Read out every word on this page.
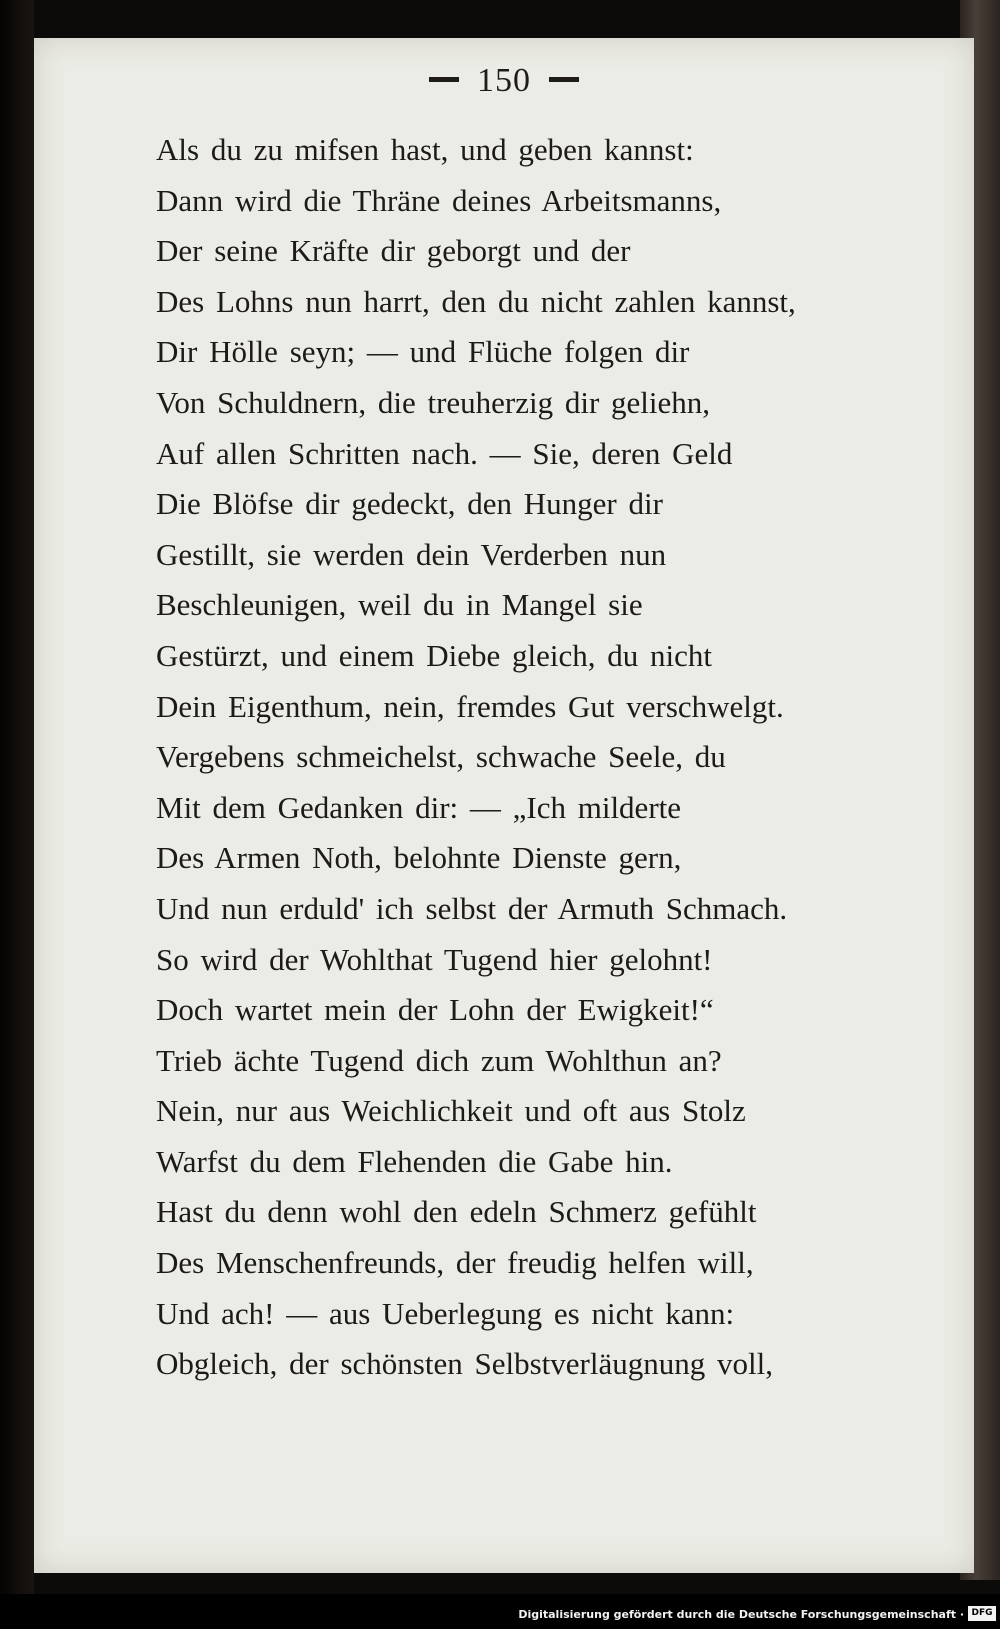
150
Als du zu mifsen hast, und geben kannst:
Dann wird die Thräne deines Arbeitsmanns,
Der seine Kräfte dir geborgt und der
Des Lohns nun harrt, den du nicht zahlen kannst,
Dir Hölle seyn; — und Flüche folgen dir
Von Schuldnern, die treuherzig dir geliehn,
Auf allen Schritten nach. — Sie, deren Geld
Die Blöfse dir gedeckt, den Hunger dir
Gestillt, sie werden dein Verderben nun
Beschleunigen, weil du in Mangel sie
Gestürzt, und einem Diebe gleich, du nicht
Dein Eigenthum, nein, fremdes Gut verschwelgt.
Vergebens schmeichelst, schwache Seele, du
Mit dem Gedanken dir: — „Ich milderte
Des Armen Noth, belohnte Dienste gern,
Und nun erduld' ich selbst der Armuth Schmach.
So wird der Wohlthat Tugend hier gelohnt!
Doch wartet mein der Lohn der Ewigkeit!“
Trieb ächte Tugend dich zum Wohlthun an?
Nein, nur aus Weichlichkeit und oft aus Stolz
Warfst du dem Flehenden die Gabe hin.
Hast du denn wohl den edeln Schmerz gefühlt
Des Menschenfreunds, der freudig helfen will,
Und ach! — aus Ueberlegung es nicht kann:
Obgleich, der schönsten Selbstverläugnung voll,
Digitalisierung gefördert durch die Deutsche Forschungsgemeinschaft · DFG
